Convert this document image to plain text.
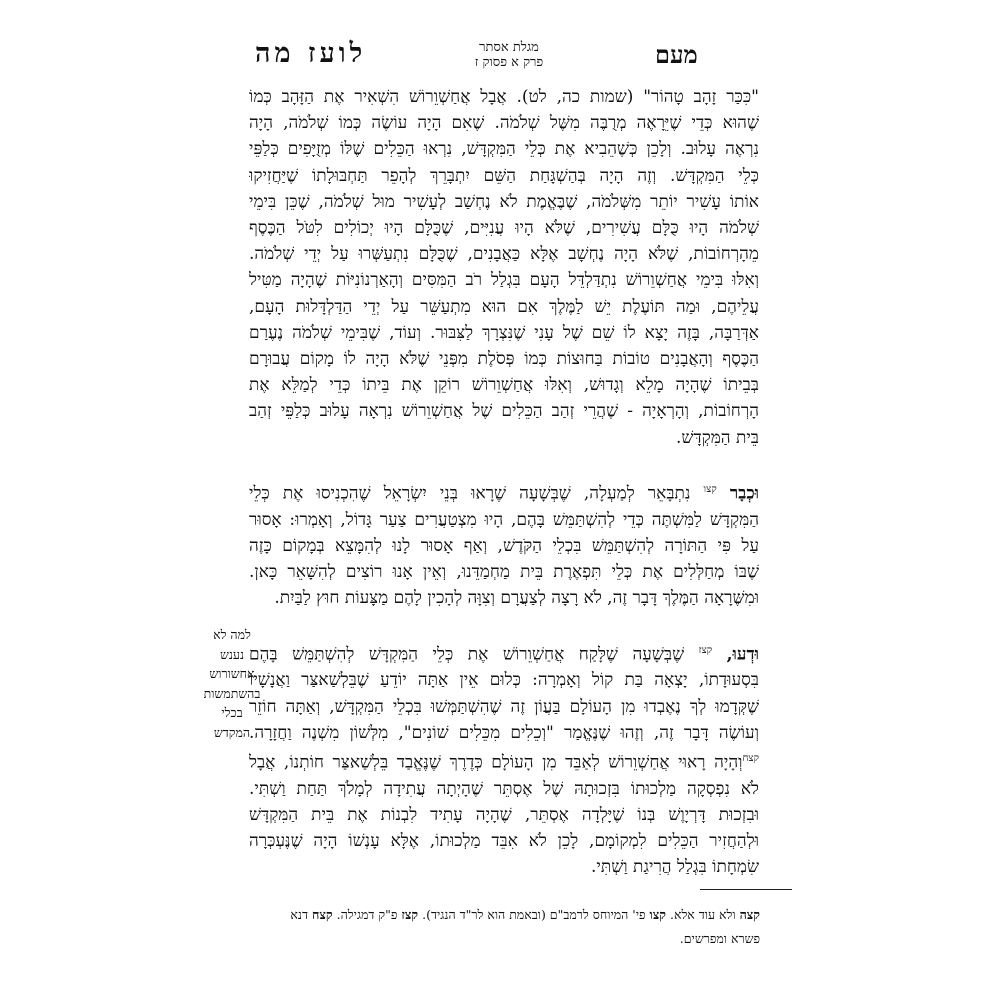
מעם
מגלת אסתר
פרק א פסוק ז
לועז מה
"כִּכַּר זָהָב טָהוֹר" (שמות כה, לט). אֲבָל אֲחַשְׁוֵרוֹשׁ הִשְׁאִיר אֶת הַזָּהָב כְּמוֹ
שֶׁהוּא כְּדֵי שֶׁיֵּרָאֶה מְרֻבֶּה מִשֶּׁל שְׁלֹמֹה. שֶׁאִם הָיָה עוֹשֶׂה כְּמוֹ שְׁלֹמֹה, הָיָה
נִרְאֶה עָלוּב. וְלָכֵן כְּשֶׁהֵבִיא אֶת כְּלֵי הַמִּקְדָּשׁ, נִרְאוּ הַכֵּלִים שֶׁלּוֹ מְזֻיָּפִים כְּלַפֵּי
כְּלֵי הַמִּקְדָּשׁ. וְזֶה הָיָה בְּהַשְׁגָּחַת הַשֵּׁם יִתְבָּרֵךְ לְהָפֵר תַּחְבּוּלָתוֹ שֶׁיַּחֲזִיקוּ
אוֹתוֹ עָשִׁיר יוֹתֵר מִשְּׁלֹמֹה, שֶׁבֶּאֱמֶת לֹא נֶחְשַׁב לְעָשִׁיר מוּל שְׁלֹמֹה, שֶׁכֵּן בִּימֵי
שְׁלֹמֹה הָיוּ כֻּלָּם עֲשִׁירִים, שֶׁלֹּא הָיוּ עֲנִיִּים, שֶׁכֻּלָּם הָיוּ יְכוֹלִים לִטֹּל הַכֶּסֶף
מֵהָרְחוֹבוֹת, שֶׁלֹּא הָיָה נֶחְשָׁב אֶלָּא כַּאֲבָנִים, שֶׁכֻּלָּם נִתְעַשְּׁרוּ עַל יְדֵי שְׁלֹמֹה.
וְאִלּוּ בִּימֵי אֲחַשְׁוֵרוֹשׁ נִתְדַּלְדֵּל הָעָם בִּגְלַל רֹב הַמִּסִּים וְהָאַרְנוֹנִיּוֹת שֶׁהָיָה מַטִּיל
עֲלֵיהֶם, וּמַה תּוֹעֶלֶת יֵשׁ לַמֶּלֶךְ אִם הוּא מִתְעַשֵּׁר עַל יְדֵי הַדַּלְדָּלוּת הָעָם,
אַדְּרַבָּה, בָּזֶה יָצָא לוֹ שֵׁם שֶׁל עָנִי שֶׁנִּצְרָךְ לַצִּבּוּר. וְעוֹד, שֶׁבִּימֵי שְׁלֹמֹה נֶעֶרַם
הַכֶּסֶף וְהָאֲבָנִים טוֹבוֹת בַּחוּצוֹת כְּמוֹ פְּסֹלֶת מִפְּנֵי שֶׁלֹּא הָיָה לוֹ מָקוֹם עֲבוּרָם
בְּבֵיתוֹ שֶׁהָיָה מָלֵא וְגָדוּשׁ, וְאִלּוּ אֲחַשְׁוֵרוֹשׁ רוֹקֵן אֶת בֵּיתוֹ כְּדֵי לְמַלֵּא אֶת
הָרְחוֹבוֹת, וְהָרְאָיָה - שֶׁהֲרֵי זְהַב הַכֵּלִים שֶׁל אֲחַשְׁוֵרוֹשׁ נִרְאָה עָלוּב כְּלַפֵּי זְהַב
בֵּית הַמִּקְדָּשׁ.
וּכְבָר $^{קצו}$ נִתְבָּאֵר לְמַעְלָה, שֶׁבְּשָׁעָה שֶׁרָאוּ בְּנֵי יִשְׂרָאֵל שֶׁהִכְנִיסוּ אֶת כְּלֵי
הַמִּקְדָּשׁ לַמִּשְׁתֶּה כְּדֵי לְהִשְׁתַּמֵּשׁ בָּהֶם, הָיוּ מִצְטַעֲרִים צַעַר גָּדוֹל, וְאָמְרוּ: אָסוּר
עַל פִּי הַתּוֹרָה לְהִשְׁתַּמֵּשׁ בִּכְלֵי הַקֹּדֶשׁ, וְאַף אָסוּר לָנוּ לְהִמָּצֵא בְּמָקוֹם כָּזֶה
שֶׁבּוֹ מְחַלְּלִים אֶת כְּלֵי תִּפְאֶרֶת בֵּית מַחְמַדֵּנוּ, וְאֵין אָנוּ רוֹצִים לְהִשָּׁאֵר כָּאן.
וּמִשֶּׁרָאָה הַמֶּלֶךְ דָּבָר זֶה, לֹא רָצָה לְצַעֲרָם וְצִוָּה לְהָכִין לָהֶם מַצָּעוֹת חוּץ לַבַּיִת.
וּדְעוּ, $^{קצז}$ שֶׁבְּשָׁעָה שֶׁלָּקַח אֲחַשְׁוֵרוֹשׁ אֶת כְּלֵי הַמִּקְדָּשׁ לְהִשְׁתַּמֵּשׁ בָּהֶם
בִּסְעוּדָתוֹ, יָצְאָה בַּת קוֹל וְאָמְרָה: כְּלוּם אֵין אַתָּה יוֹדֵעַ שֶׁבֵּלְשַׁאצַּר וַאֲנָשָׁיו
שֶׁקְּדָמוּ לְךָ נֶאֶבְדוּ מִן הָעוֹלָם בַּעֲוֹן זֶה שֶׁהִשְׁתַּמְּשׁוּ בִּכְלֵי הַמִּקְדָּשׁ, וְאַתָּה חוֹזֵר
וְעוֹשֶׂה דָּבָר זֶה, וְזֶהוּ שֶׁנֶּאֱמַר "וְכֵלִים מִכֵּלִים שׁוֹנִים", מִלְּשׁוֹן מִשְׁנֶה וַחֲזָרָה.
$^{קצח}$וְהָיָה רָאוּי אֲחַשְׁוֵרוֹשׁ לְאַבֵּד מִן הָעוֹלָם כְּדֶרֶךְ שֶׁנֶּאֱבַד בֵּלְשַׁאצַּר חוֹתְנוֹ, אֲבָל
לֹא נִפְסְקָה מַלְכוּתוֹ בִּזְכוּתָהּ שֶׁל אֶסְתֵּר שֶׁהָיְתָה עֲתִידָה לְמָלֹךְ תַּחַת וַשְׁתִּי.
וּבִזְכוּת דָּרְיָוֶשׁ בְּנוֹ שֶׁיָּלְדָה אֶסְתֵּר, שֶׁהָיָה עָתִיד לִבְנוֹת אֶת בֵּית הַמִּקְדָּשׁ
וּלְהַחֲזִיר הַכֵּלִים לִמְקוֹמָם, לָכֵן לֹא אִבֵּד מַלְכוּתוֹ, אֶלָּא עָנְשׁוֹ הָיָה שֶׁנֶּעְכְּרָה
שִׂמְחָתוֹ בִּגְלַל הֲרִיגַת וַשְׁתִּי.
למה לא
נענש
אחשורוש
בהשתמשות
בכלי
המקדש
קצה ולא עוד אלא. קצו פי' המיוחס לרמב"ם (ובאמת הוא לר"ד הנגיד). קצז פ"ק דמגילה. קצח דנא
פשרא ומפרשים.
